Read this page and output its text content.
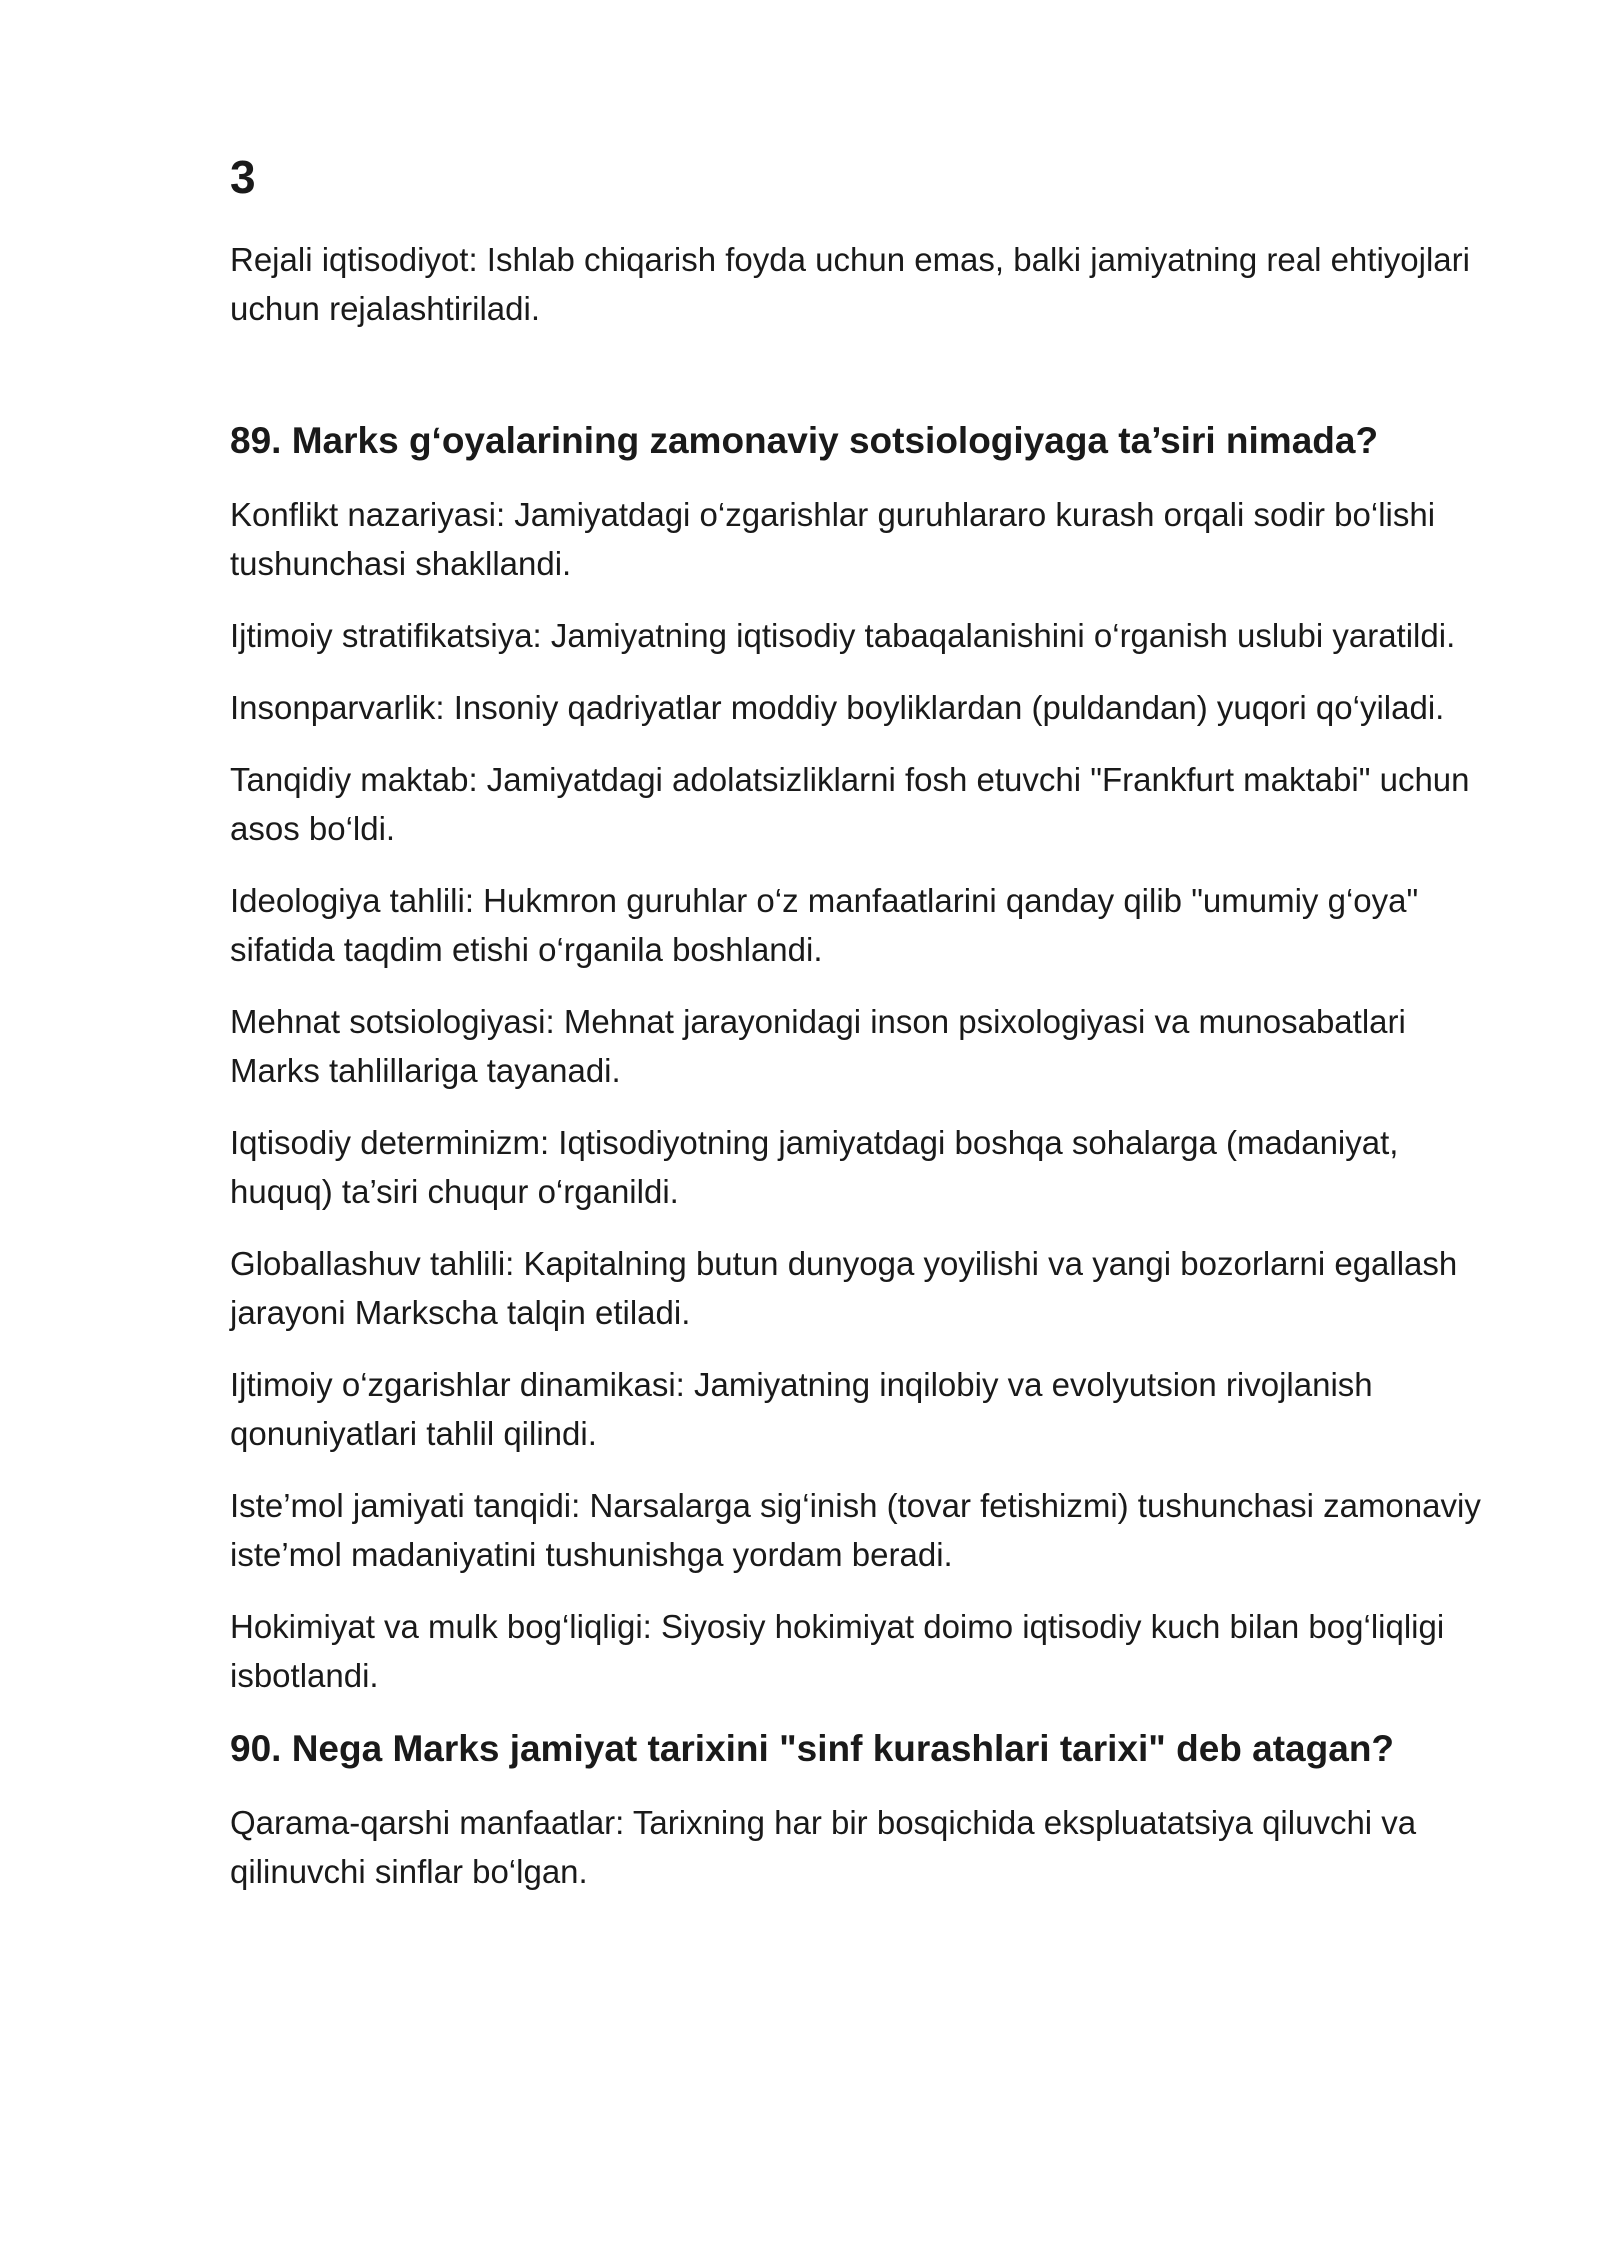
3

Rejali iqtisodiyot: Ishlab chiqarish foyda uchun emas, balki jamiyatning real ehtiyojlari uchun rejalashtiriladi.

89. Marks g‘oyalarining zamonaviy sotsiologiyaga ta’siri nimada?

Konflikt nazariyasi: Jamiyatdagi o‘zgarishlar guruhlararo kurash orqali sodir bo‘lishi tushunchasi shakllandi.

Ijtimoiy stratifikatsiya: Jamiyatning iqtisodiy tabaqalanishini o‘rganish uslubi yaratildi.

Insonparvarlik: Insoniy qadriyatlar moddiy boyliklardan (puldandan) yuqori qo‘yiladi.

Tanqidiy maktab: Jamiyatdagi adolatsizliklarni fosh etuvchi "Frankfurt maktabi" uchun asos bo‘ldi.

Ideologiya tahlili: Hukmron guruhlar o‘z manfaatlarini qanday qilib "umumiy g‘oya" sifatida taqdim etishi o‘rganila boshlandi.

Mehnat sotsiologiyasi: Mehnat jarayonidagi inson psixologiyasi va munosabatlari Marks tahlillariga tayanadi.

Iqtisodiy determinizm: Iqtisodiyotning jamiyatdagi boshqa sohalarga (madaniyat, huquq) ta’siri chuqur o‘rganildi.

Globallashuv tahlili: Kapitalning butun dunyoga yoyilishi va yangi bozorlarni egallash jarayoni Markscha talqin etiladi.

Ijtimoiy o‘zgarishlar dinamikasi: Jamiyatning inqilobiy va evolyutsion rivojlanish qonuniyatlari tahlil qilindi.

Iste’mol jamiyati tanqidi: Narsalarga sig‘inish (tovar fetishizmi) tushunchasi zamonaviy iste’mol madaniyatini tushunishga yordam beradi.

Hokimiyat va mulk bog‘liqligi: Siyosiy hokimiyat doimo iqtisodiy kuch bilan bog‘liqligi isbotlandi.

90. Nega Marks jamiyat tarixini "sinf kurashlari tarixi" deb atagan?

Qarama-qarshi manfaatlar: Tarixning har bir bosqichida ekspluatatsiya qiluvchi va qilinuvchi sinflar bo‘lgan.
